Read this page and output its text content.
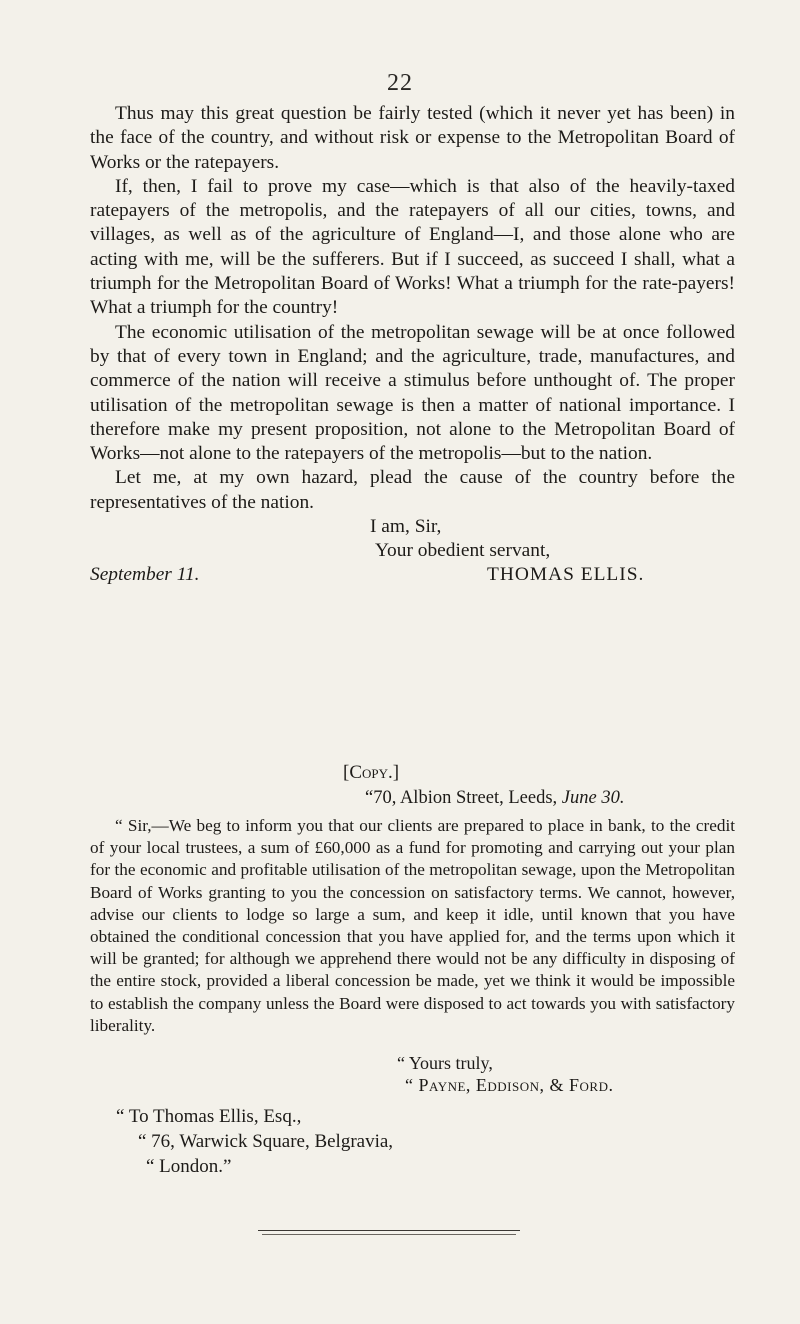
22

Thus may this great question be fairly tested (which it never yet has been) in the face of the country, and without risk or expense to the Metropolitan Board of Works or the ratepayers.

If, then, I fail to prove my case—which is that also of the heavily-taxed ratepayers of the metropolis, and the ratepayers of all our cities, towns, and villages, as well as of the agriculture of England—I, and those alone who are acting with me, will be the sufferers. But if I succeed, as succeed I shall, what a triumph for the Metropolitan Board of Works! What a triumph for the rate-payers! What a triumph for the country!

The economic utilisation of the metropolitan sewage will be at once followed by that of every town in England; and the agriculture, trade, manufactures, and commerce of the nation will receive a stimulus before unthought of. The proper utilisation of the metropolitan sewage is then a matter of national importance. I therefore make my present proposition, not alone to the Metropolitan Board of Works—not alone to the ratepayers of the metropolis—but to the nation.

Let me, at my own hazard, plead the cause of the country before the representatives of the nation.

I am, Sir,
Your obedient servant,
September 11.	THOMAS ELLIS.
[Copy.]
“70, Albion Street, Leeds, June 30.

“ Sir,—We beg to inform you that our clients are prepared to place in bank, to the credit of your local trustees, a sum of £60,000 as a fund for promoting and carrying out your plan for the economic and profitable utilisation of the metropolitan sewage, upon the Metropolitan Board of Works granting to you the concession on satisfactory terms. We cannot, however, advise our clients to lodge so large a sum, and keep it idle, until known that you have obtained the conditional concession that you have applied for, and the terms upon which it will be granted; for although we apprehend there would not be any difficulty in disposing of the entire stock, provided a liberal concession be made, yet we think it would be impossible to establish the company unless the Board were disposed to act towards you with satisfactory liberality.

“ Yours truly,
“ Payne, Eddison, & Ford.
“ To Thomas Ellis, Esq.,
“ 76, Warwick Square, Belgravia,
“ London.”
